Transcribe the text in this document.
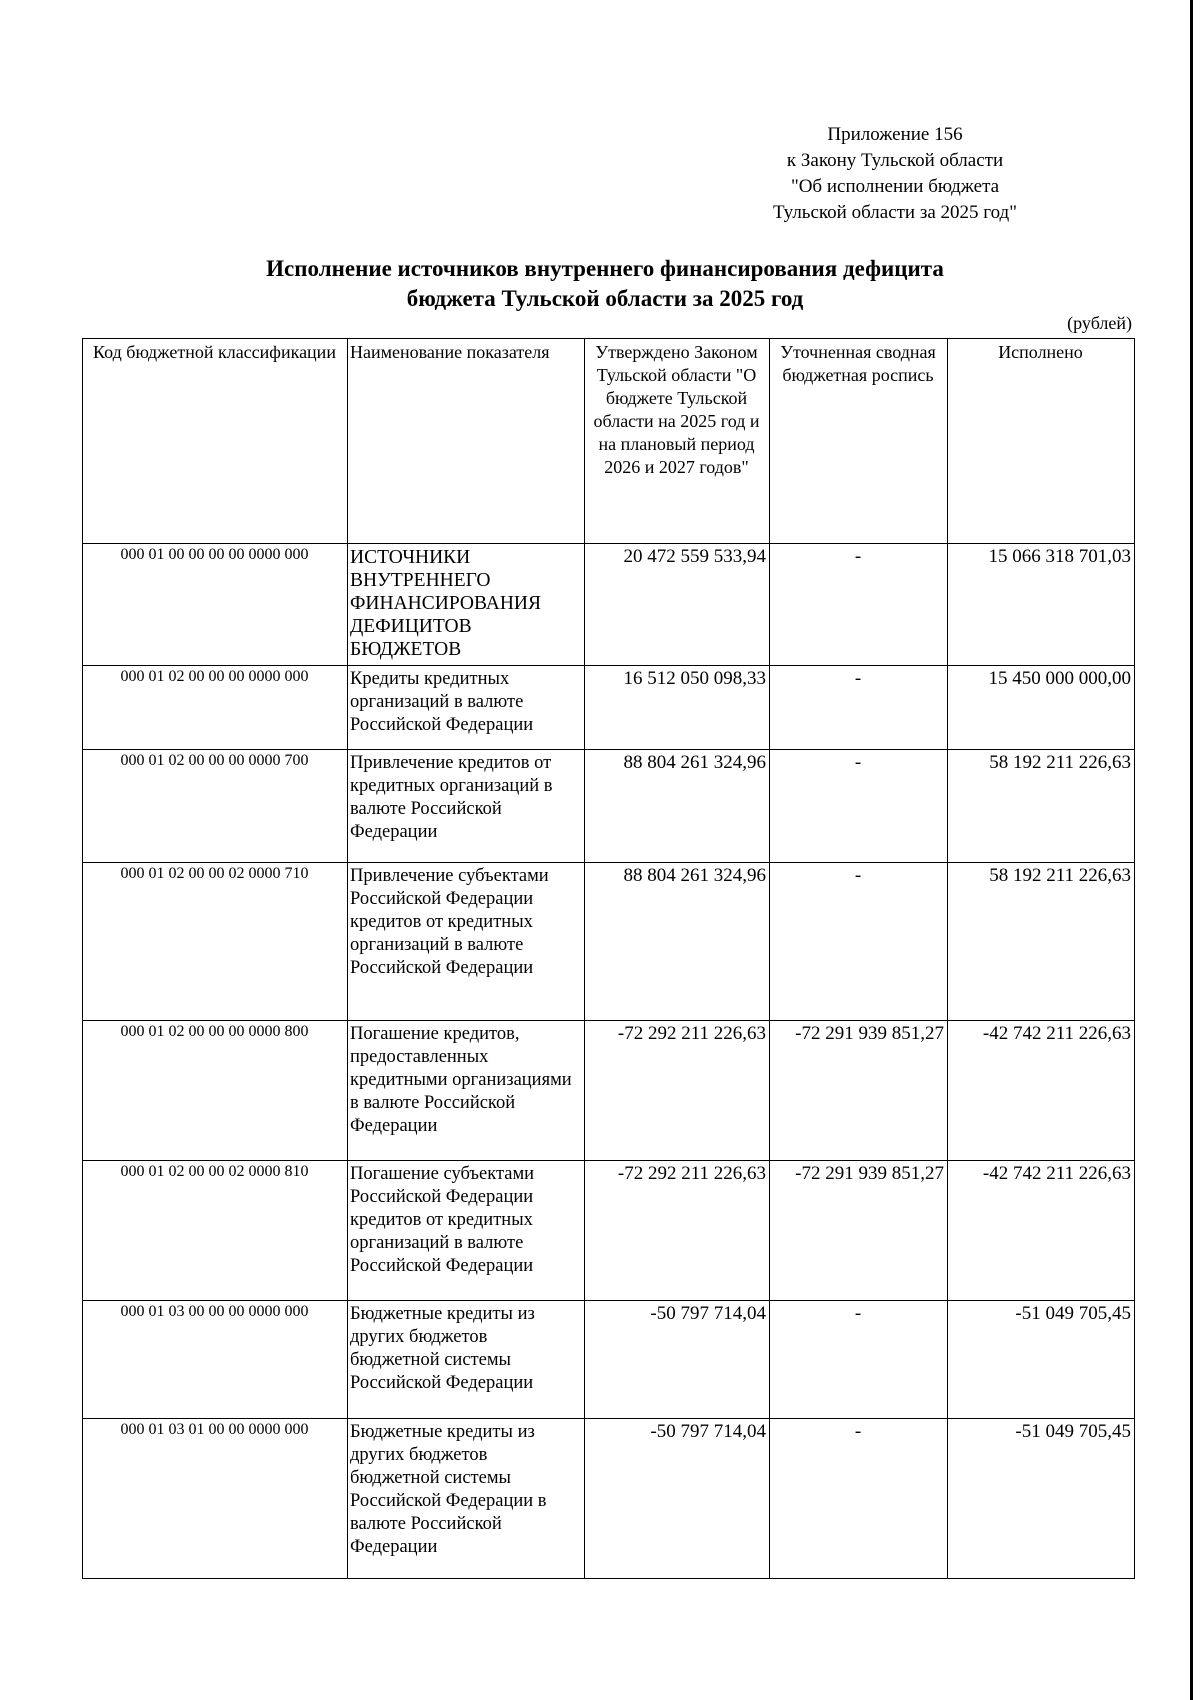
Приложение 156
к Закону Тульской области
"Об исполнении бюджета
Тульской области за 2025 год"
Исполнение источников внутреннего финансирования дефицита
бюджета Тульской области за 2025 год
(рублей)
Код бюджетной классификации	Наименование показателя	Утверждено Законом Тульской области "О бюджете Тульской области на 2025 год и на плановый период 2026 и 2027 годов"	Уточненная сводная бюджетная роспись	Исполнено
000 01 00 00 00 00 0000 000	ИСТОЧНИКИ ВНУТРЕННЕГО ФИНАНСИРОВАНИЯ ДЕФИЦИТОВ БЮДЖЕТОВ	20 472 559 533,94	-	15 066 318 701,03
000 01 02 00 00 00 0000 000	Кредиты кредитных организаций в валюте Российской Федерации	16 512 050 098,33	-	15 450 000 000,00
000 01 02 00 00 00 0000 700	Привлечение кредитов от кредитных организаций в валюте Российской Федерации	88 804 261 324,96	-	58 192 211 226,63
000 01 02 00 00 02 0000 710	Привлечение субъектами Российской Федерации кредитов от кредитных организаций в валюте Российской Федерации	88 804 261 324,96	-	58 192 211 226,63
000 01 02 00 00 00 0000 800	Погашение кредитов, предоставленных кредитными организациями в валюте Российской Федерации	-72 292 211 226,63	-72 291 939 851,27	-42 742 211 226,63
000 01 02 00 00 02 0000 810	Погашение субъектами Российской Федерации кредитов от кредитных организаций в валюте Российской Федерации	-72 292 211 226,63	-72 291 939 851,27	-42 742 211 226,63
000 01 03 00 00 00 0000 000	Бюджетные кредиты из других бюджетов бюджетной системы Российской Федерации	-50 797 714,04	-	-51 049 705,45
000 01 03 01 00 00 0000 000	Бюджетные кредиты из других бюджетов бюджетной системы Российской Федерации в валюте Российской Федерации	-50 797 714,04	-	-51 049 705,45
